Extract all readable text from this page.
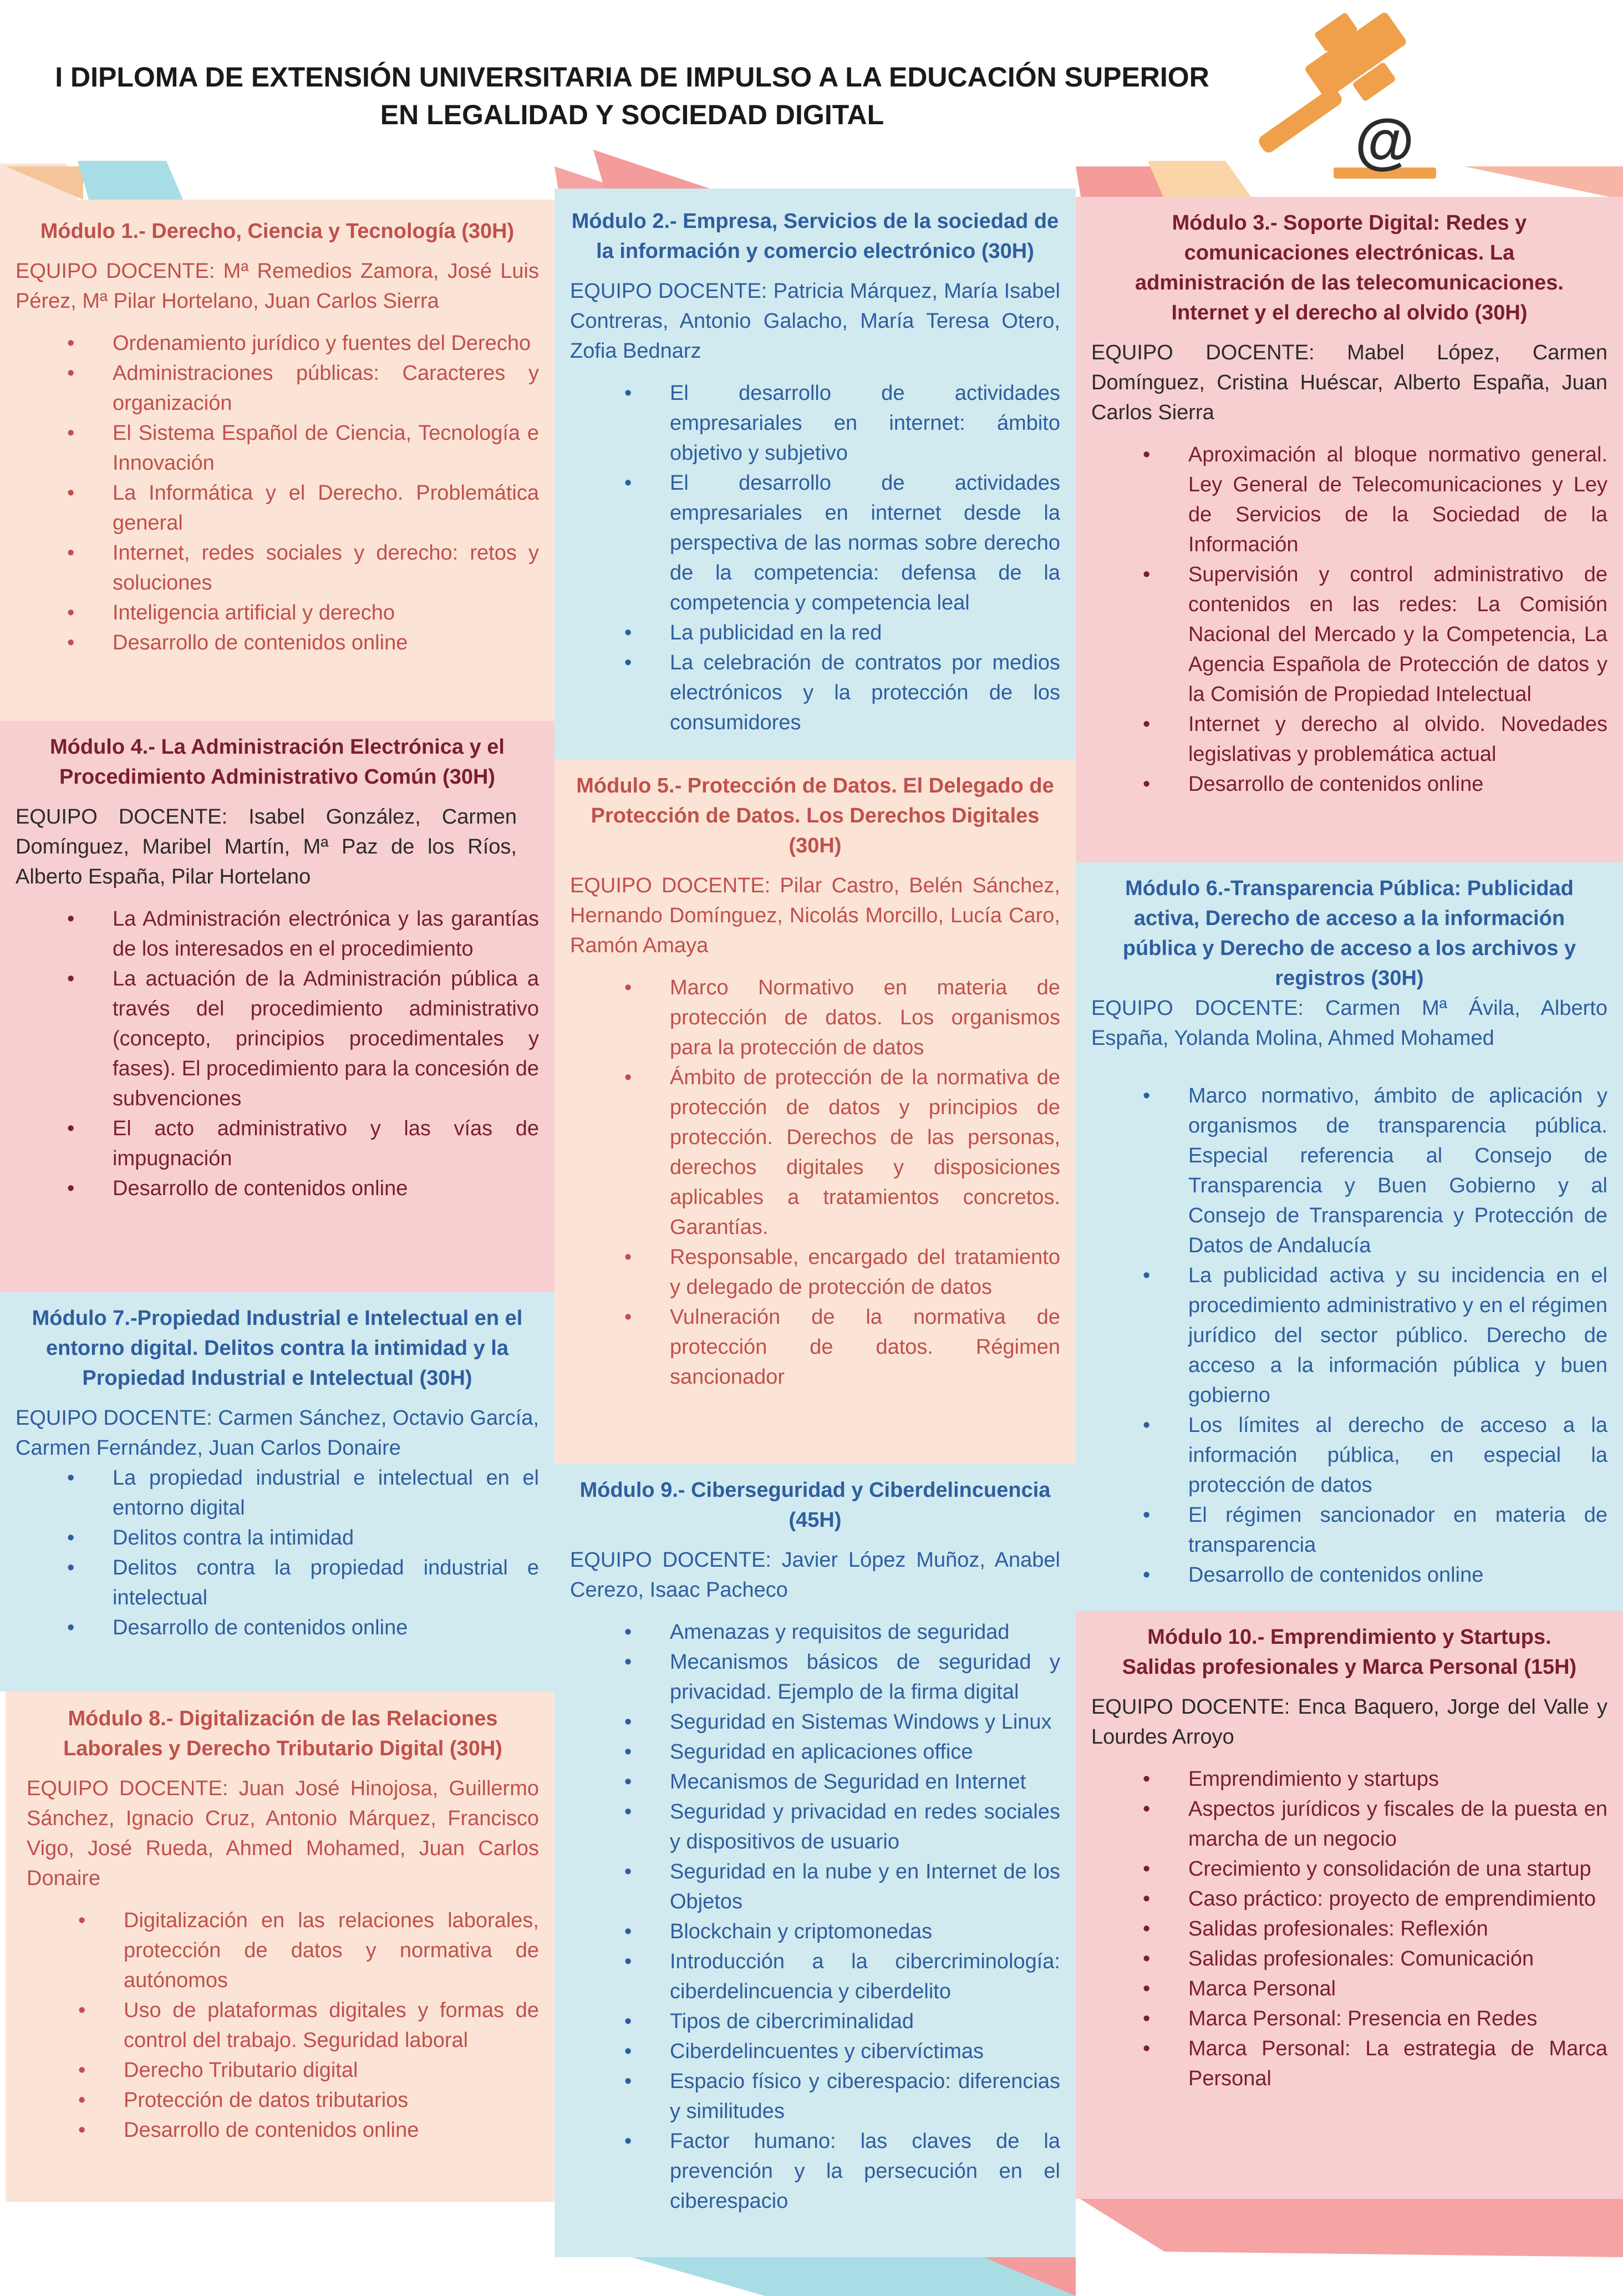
I DIPLOMA DE EXTENSIÓN UNIVERSITARIA DE IMPULSO A LA EDUCACIÓN SUPERIOR
EN LEGALIDAD Y SOCIEDAD DIGITAL	@
Módulo 1.- Derecho, Ciencia y Tecnología (30H)

EQUIPO DOCENTE: Mª Remedios Zamora, José Luis Pérez, Mª Pilar Hortelano, Juan Carlos Sierra

• Ordenamiento jurídico y fuentes del Derecho
• Administraciones públicas: Caracteres y organización
• El Sistema Español de Ciencia, Tecnología e Innovación
• La Informática y el Derecho. Problemática general
• Internet, redes sociales y derecho: retos y soluciones
• Inteligencia artificial y derecho
• Desarrollo de contenidos online
Módulo 4.- La Administración Electrónica y el Procedimiento Administrativo Común (30H)

EQUIPO DOCENTE: Isabel González, Carmen Domínguez, Maribel Martín, Mª Paz de los Ríos, Alberto España, Pilar Hortelano

• La Administración electrónica y las garantías de los interesados en el procedimiento
• La actuación de la Administración pública a través del procedimiento administrativo (concepto, principios procedimentales y fases). El procedimiento para la concesión de subvenciones
• El acto administrativo y las vías de impugnación
• Desarrollo de contenidos online
Módulo 7.-Propiedad Industrial e Intelectual en el entorno digital. Delitos contra la intimidad y la Propiedad Industrial e Intelectual (30H)

EQUIPO DOCENTE: Carmen Sánchez, Octavio García, Carmen Fernández, Juan Carlos Donaire

• La propiedad industrial e intelectual en el entorno digital
• Delitos contra la intimidad
• Delitos contra la propiedad industrial e intelectual
• Desarrollo de contenidos online
Módulo 8.- Digitalización de las Relaciones Laborales y Derecho Tributario Digital (30H)

EQUIPO DOCENTE: Juan José Hinojosa, Guillermo Sánchez, Ignacio Cruz, Antonio Márquez, Francisco Vigo, José Rueda, Ahmed Mohamed, Juan Carlos Donaire

• Digitalización en las relaciones laborales, protección de datos y normativa de autónomos
• Uso de plataformas digitales y formas de control del trabajo. Seguridad laboral
• Derecho Tributario digital
• Protección de datos tributarios
• Desarrollo de contenidos online
Módulo 2.- Empresa, Servicios de la sociedad de la información y comercio electrónico (30H)

EQUIPO DOCENTE: Patricia Márquez, María Isabel Contreras, Antonio Galacho, María Teresa Otero, Zofia Bednarz

• El desarrollo de actividades empresariales en internet: ámbito objetivo y subjetivo
• El desarrollo de actividades empresariales en internet desde la perspectiva de las normas sobre derecho de la competencia: defensa de la competencia y competencia leal
• La publicidad en la red
• La celebración de contratos por medios electrónicos y la protección de los consumidores
Módulo 5.- Protección de Datos. El Delegado de Protección de Datos. Los Derechos Digitales (30H)

EQUIPO DOCENTE: Pilar Castro, Belén Sánchez, Hernando Domínguez, Nicolás Morcillo, Lucía Caro, Ramón Amaya

• Marco Normativo en materia de protección de datos. Los organismos para la protección de datos
• Ámbito de protección de la normativa de protección de datos y principios de protección. Derechos de las personas, derechos digitales y disposiciones aplicables a tratamientos concretos. Garantías.
• Responsable, encargado del tratamiento y delegado de protección de datos
• Vulneración de la normativa de protección de datos. Régimen sancionador
Módulo 9.- Ciberseguridad y Ciberdelincuencia (45H)

EQUIPO DOCENTE: Javier López Muñoz, Anabel Cerezo, Isaac Pacheco

• Amenazas y requisitos de seguridad
• Mecanismos básicos de seguridad y privacidad. Ejemplo de la firma digital
• Seguridad en Sistemas Windows y Linux
• Seguridad en aplicaciones office
• Mecanismos de Seguridad en Internet
• Seguridad y privacidad en redes sociales y dispositivos de usuario
• Seguridad en la nube y en Internet de los Objetos
• Blockchain y criptomonedas
• Introducción a la cibercriminología: ciberdelincuencia y ciberdelito
• Tipos de cibercriminalidad
• Ciberdelincuentes y cibervíctimas
• Espacio físico y ciberespacio: diferencias y similitudes
• Factor humano: las claves de la prevención y la persecución en el ciberespacio
Módulo 3.- Soporte Digital: Redes y comunicaciones electrónicas. La administración de las telecomunicaciones. Internet y el derecho al olvido (30H)

EQUIPO DOCENTE: Mabel López, Carmen Domínguez, Cristina Huéscar, Alberto España, Juan Carlos Sierra

• Aproximación al bloque normativo general. Ley General de Telecomunicaciones y Ley de Servicios de la Sociedad de la Información
• Supervisión y control administrativo de contenidos en las redes: La Comisión Nacional del Mercado y la Competencia, La Agencia Española de Protección de datos y la Comisión de Propiedad Intelectual
• Internet y derecho al olvido. Novedades legislativas y problemática actual
• Desarrollo de contenidos online
Módulo 6.-Transparencia Pública: Publicidad activa, Derecho de acceso a la información pública y Derecho de acceso a los archivos y registros (30H)

EQUIPO DOCENTE: Carmen Mª Ávila, Alberto España, Yolanda Molina, Ahmed Mohamed

• Marco normativo, ámbito de aplicación y organismos de transparencia pública. Especial referencia al Consejo de Transparencia y Buen Gobierno y al Consejo de Transparencia y Protección de Datos de Andalucía
• La publicidad activa y su incidencia en el procedimiento administrativo y en el régimen jurídico del sector público. Derecho de acceso a la información pública y buen gobierno
• Los límites al derecho de acceso a la información pública, en especial la protección de datos
• El régimen sancionador en materia de transparencia
• Desarrollo de contenidos online
Módulo 10.- Emprendimiento y Startups. Salidas profesionales y Marca Personal (15H)

EQUIPO DOCENTE: Enca Baquero, Jorge del Valle y Lourdes Arroyo

• Emprendimiento y startups
• Aspectos jurídicos y fiscales de la puesta en marcha de un negocio
• Crecimiento y consolidación de una startup
• Caso práctico: proyecto de emprendimiento
• Salidas profesionales: Reflexión
• Salidas profesionales: Comunicación
• Marca Personal
• Marca Personal: Presencia en Redes
• Marca Personal: La estrategia de Marca Personal
